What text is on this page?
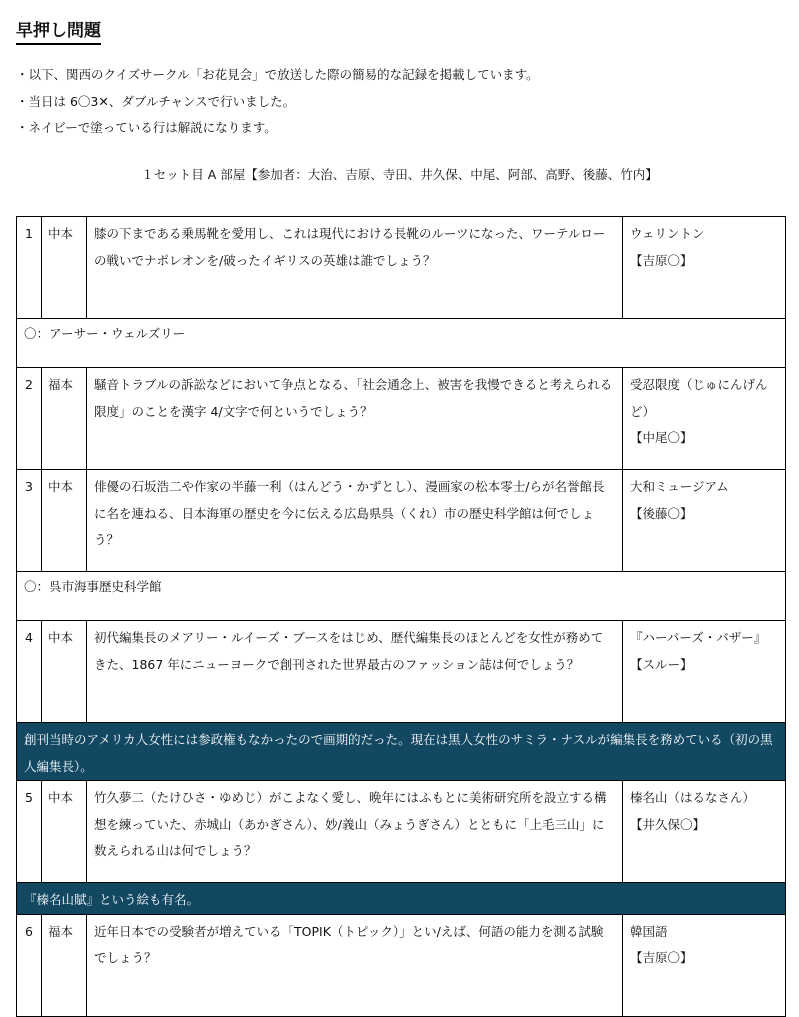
早押し問題
・以下、関西のクイズサークル「お花見会」で放送した際の簡易的な記録を掲載しています。
・当日は 6〇3✕、ダブルチャンスで行いました。
・ネイビーで塗っている行は解説になります。
１セット目 A 部屋【参加者：大治、吉原、寺田、井久保、中尾、阿部、高野、後藤、竹内】
1	中本	膝の下まである乗馬靴を愛用し、これは現代における長靴のルーツになった、ワーテルローの戦いでナポレオンを/破ったイギリスの英雄は誰でしょう？	ウェリントン
【吉原〇】

〇：アーサー・ウェルズリー			
2	福本	騒音トラブルの訴訟などにおいて争点となる、「社会通念上、被害を我慢できると考えられる限度」のことを漢字 4/文字で何というでしょう？	受忍限度（じゅにんげんど）
【中尾〇】

3	中本	俳優の石坂浩二や作家の半藤一利（はんどう・かずとし）、漫画家の松本零士/らが名誉館長に名を連ねる、日本海軍の歴史を今に伝える広島県呉（くれ）市の歴史科学館は何でしょう？	大和ミュージアム
【後藤〇】

〇：呉市海事歴史科学館			
4	中本	初代編集長のメアリー・ルイーズ・ブースをはじめ、歴代編集長のほとんどを女性が務めてきた、1867 年にニューヨークで創刊された世界最古のファッション誌は何でしょう？	『ハーパーズ・バザー』
【スルー】

創刊当時のアメリカ人女性には参政権もなかったので画期的だった。現在は黒人女性のサミラ・ナスルが編集長を務めている（初の黒人編集長）。			
5	中本	竹久夢二（たけひさ・ゆめじ）がこよなく愛し、晩年にはふもとに美術研究所を設立する構想を練っていた、赤城山（あかぎさん）、妙/義山（みょうぎさん）とともに「上毛三山」に数えられる山は何でしょう？	榛名山（はるなさん）
【井久保〇】

『榛名山賦』という絵も有名。			
6	福本	近年日本での受験者が増えている「TOPIK（トピック）」とい/えば、何語の能力を測る試験でしょう？	韓国語
【吉原〇】
